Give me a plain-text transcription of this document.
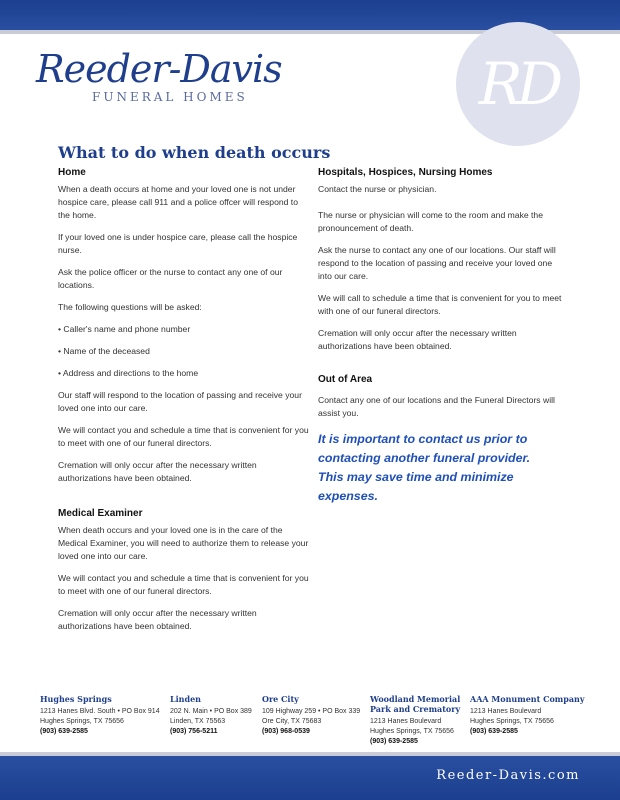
Reeder-Davis
FUNERAL HOMES	RD
What to do when death occurs
Home

When a death occurs at home and your loved one is not under hospice care, please call 911 and a police offcer will respond to the home.

If your loved one is under hospice care, please call the hospice nurse.

Ask the police officer or the nurse to contact any one of our locations.

The following questions will be asked:

• Caller's name and phone number

• Name of the deceased

• Address and directions to the home

Our staff will respond to the location of passing and receive your loved one into our care.

We will contact you and schedule a time that is convenient for you to meet with one of our funeral directors.

Cremation will only occur after the necessary written authorizations have been obtained.

Medical Examiner

When death occurs and your loved one is in the care of the Medical Examiner, you will need to authorize them to release your loved one into our care.

We will contact you and schedule a time that is convenient for you to meet with one of our funeral directors.

Cremation will only occur after the necessary written authorizations have been obtained.

Hospitals, Hospices, Nursing Homes

Contact the nurse or physician.

The nurse or physician will come to the room and make the pronouncement of death.

Ask the nurse to contact any one of our locations. Our staff will respond to the location of passing and receive your loved one into our care.

We will call to schedule a time that is convenient for you to meet with one of our funeral directors.

Cremation will only occur after the necessary written authorizations have been obtained.

Out of Area

Contact any one of our locations and the Funeral Directors will assist you.

It is important to contact us prior to
contacting another funeral provider.
This may save time and minimize expenses.
Hughes Springs
1213 Hanes Blvd. South • PO Box 914
Hughes Springs, TX 75656
(903) 639-2585
Linden
202 N. Main • PO Box 389
Linden, TX 75563
(903) 756-5211
Ore City
109 Highway 259 • PO Box 339
Ore City, TX 75683
(903) 968-0539
Woodland Memorial Park and Crematory
1213 Hanes Boulevard
Hughes Springs, TX 75656
(903) 639-2585
AAA Monument Company
1213 Hanes Boulevard
Hughes Springs, TX 75656
(903) 639-2585
Reeder-Davis.com
